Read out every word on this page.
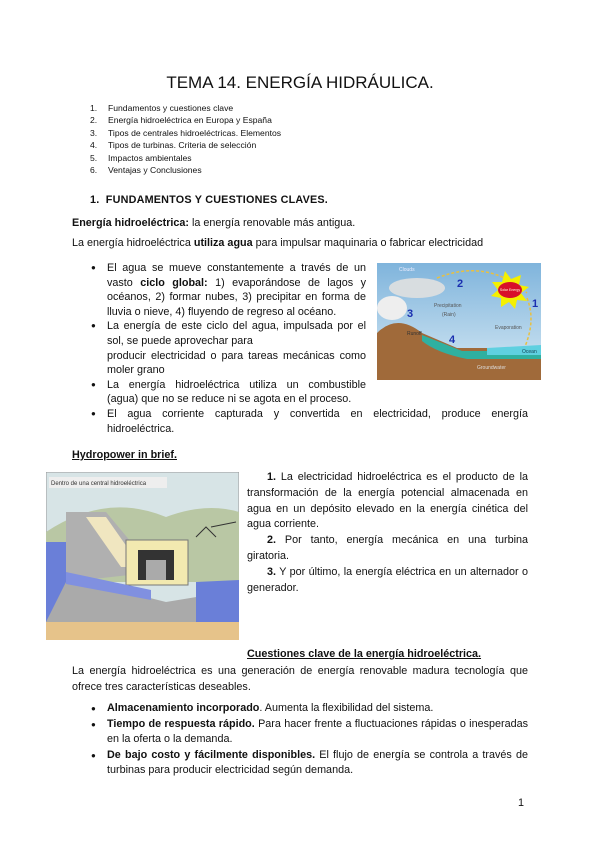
TEMA 14. ENERGÍA HIDRÁULICA.
1.	Fundamentos y cuestiones clave
2.	Energía hidroeléctrica en Europa y España
3.	Tipos de centrales hidroeléctricas. Elementos
4.	Tipos de turbinas. Criteria de selección
5.	Impactos ambientales
6.	Ventajas y Conclusiones
1.  FUNDAMENTOS Y CUESTIONES CLAVES.

Energía hidroeléctrica: la energía renovable más antigua.

La energía hidroeléctrica utiliza agua para impulsar maquinaria o fabricar electricidad

● El agua se mueve constantemente a través de un vasto ciclo global: 1) evaporándose de lagos y océanos, 2) formar nubes, 3) precipitar en forma de lluvia o nieve, 4) fluyendo de regreso al océano.
● La energía de este ciclo del agua, impulsada por el sol, se puede aprovechar para
producir electricidad o para tareas mecánicas como moler grano
● La energía hidroeléctrica utiliza un combustible (agua) que no se reduce ni se agota en el proceso.
● El agua corriente capturada y convertida en electricidad, produce energía hidroeléctrica.
Solar Energy
Clouds
2
1
3
4
Precipitation
(Rain)
Evaporation
Runoff
Ocean
Groundwater
Hydropower in brief.
Dentro de una central hidroeléctrica

1. La electricidad hidroeléctrica es el producto de la transformación de la energía potencial almacenada en agua en un depósito elevado en la energía cinética del agua corriente.

2. Por tanto, energía mecánica en una turbina giratoria.

3. Y por último, la energía eléctrica en un alternador o generador.

Cuestiones clave de la energía hidroeléctrica.

La energía hidroeléctrica es una generación de energía renovable madura tecnología que ofrece tres características deseables.

● Almacenamiento incorporado. Aumenta la flexibilidad del sistema.
● Tiempo de respuesta rápido. Para hacer frente a fluctuaciones rápidas o inesperadas en la oferta o la demanda.
● De bajo costo y fácilmente disponibles. El flujo de energía se controla a través de turbinas para producir electricidad según demanda.
1
